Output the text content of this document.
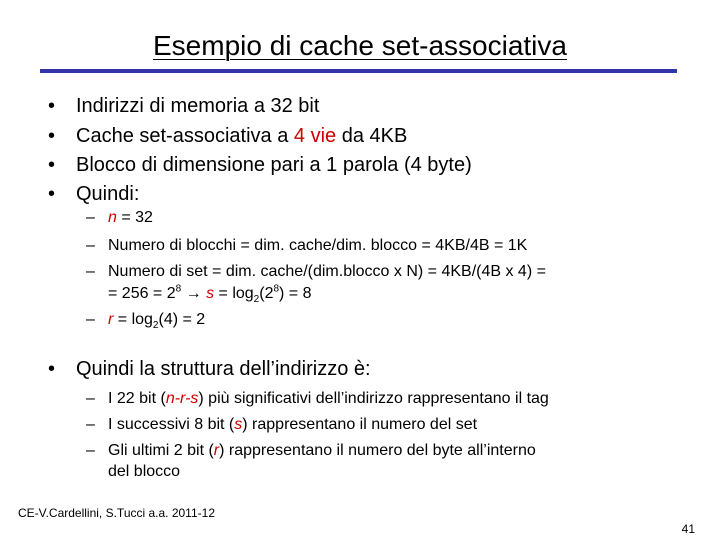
Esempio di cache set-associativa
• Indirizzi di memoria a 32 bit
• Cache set-associativa a 4 vie da 4KB
• Blocco di dimensione pari a 1 parola (4 byte)
• Quindi:
– n = 32
– Numero di blocchi = dim. cache/dim. blocco = 4KB/4B = 1K
– Numero di set = dim. cache/(dim.blocco x N) = 4KB/(4B x 4) =
= $256 = 2^8 \to s = \log_2(2^8) = 8$
– $r = \log_2(4) = 2$
• Quindi la struttura dell’indirizzo è:
– I 22 bit (n-r-s) più significativi dell’indirizzo rappresentano il tag
– I successivi 8 bit (s) rappresentano il numero del set
– Gli ultimi 2 bit (r) rappresentano il numero del byte all’interno
del blocco
CE-V.Cardellini, S.Tucci a.a. 2011-12
41
